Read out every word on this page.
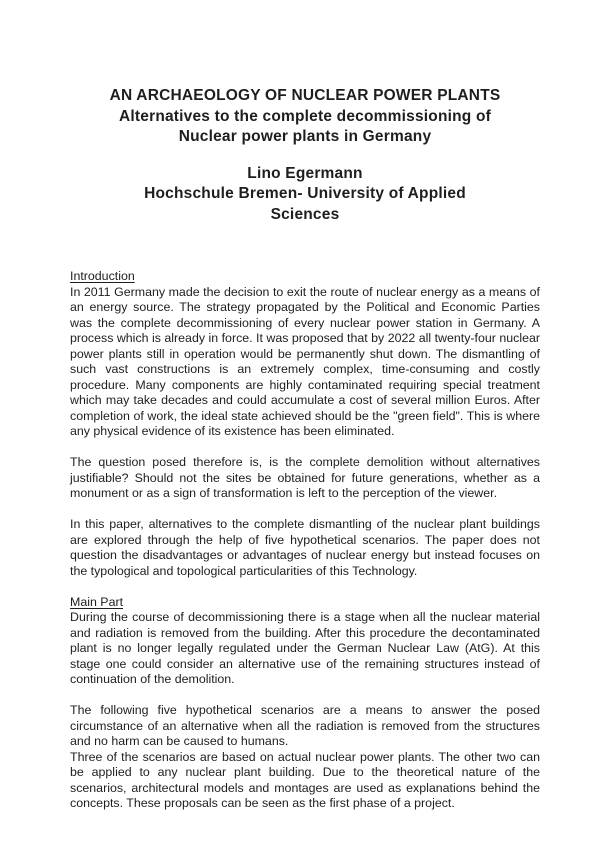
AN ARCHAEOLOGY OF NUCLEAR POWER PLANTS
Alternatives to the complete decommissioning of
Nuclear power plants in Germany
Lino Egermann
Hochschule Bremen- University of Applied
Sciences
Introduction

In 2011 Germany made the decision to exit the route of nuclear energy as a means of an energy source. The strategy propagated by the Political and Economic Parties was the complete decommissioning of every nuclear power station in Germany. A process which is already in force. It was proposed that by 2022 all twenty-four nuclear power plants still in operation would be permanently shut down. The dismantling of such vast constructions is an extremely complex, time-consuming and costly procedure. Many components are highly contaminated requiring special treatment which may take decades and could accumulate a cost of several million Euros. After completion of work, the ideal state achieved should be the "green field". This is where any physical evidence of its existence has been eliminated.

The question posed therefore is, is the complete demolition without alternatives justifiable? Should not the sites be obtained for future generations, whether as a monument or as a sign of transformation is left to the perception of the viewer.

In this paper, alternatives to the complete dismantling of the nuclear plant buildings are explored through the help of five hypothetical scenarios. The paper does not question the disadvantages or advantages of nuclear energy but instead focuses on the typological and topological particularities of this Technology.

Main Part

During the course of decommissioning there is a stage when all the nuclear material and radiation is removed from the building. After this procedure the decontaminated plant is no longer legally regulated under the German Nuclear Law (AtG). At this stage one could consider an alternative use of the remaining structures instead of continuation of the demolition.

The following five hypothetical scenarios are a means to answer the posed circumstance of an alternative when all the radiation is removed from the structures and no harm can be caused to humans.

Three of the scenarios are based on actual nuclear power plants. The other two can be applied to any nuclear plant building. Due to the theoretical nature of the scenarios, architectural models and montages are used as explanations behind the concepts. These proposals can be seen as the first phase of a project.
